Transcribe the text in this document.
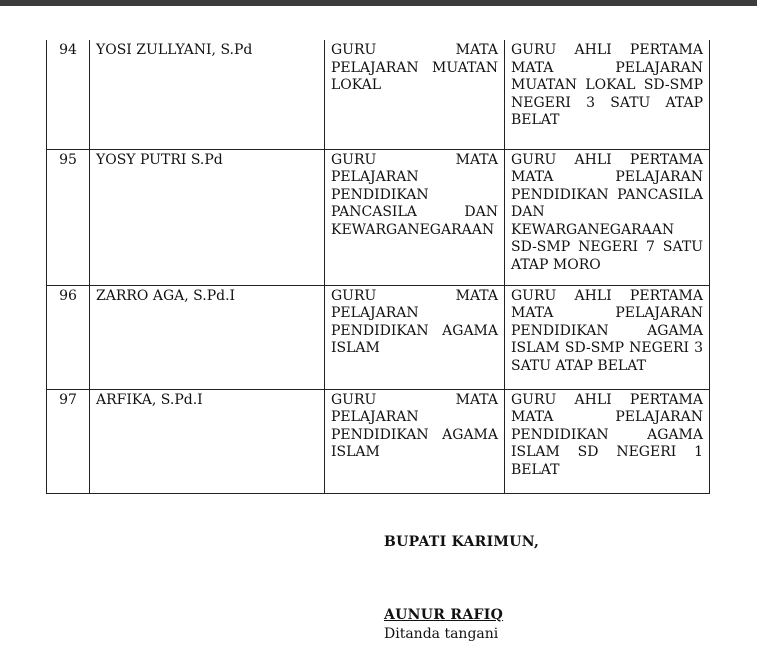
94	YOSI ZULLYANI, S.Pd	GURU MATA PELAJARAN MUATAN LOKAL	GURU AHLI PERTAMA MATA PELAJARAN MUATAN LOKAL SD-SMP NEGERI 3 SATU ATAP BELAT
95	YOSY PUTRI S.Pd	GURU MATA PELAJARAN PENDIDIKAN PANCASILA DAN KEWARGANEGARAAN	GURU AHLI PERTAMA MATA PELAJARAN PENDIDIKAN PANCASILA DAN KEWARGANEGARAAN SD-SMP NEGERI 7 SATU ATAP MORO
96	ZARRO AGA, S.Pd.I	GURU MATA PELAJARAN PENDIDIKAN AGAMA ISLAM	GURU AHLI PERTAMA MATA PELAJARAN PENDIDIKAN AGAMA ISLAM SD-SMP NEGERI 3 SATU ATAP BELAT
97	ARFIKA, S.Pd.I	GURU MATA PELAJARAN PENDIDIKAN AGAMA ISLAM	GURU AHLI PERTAMA MATA PELAJARAN PENDIDIKAN AGAMA ISLAM SD NEGERI 1 BELAT
BUPATI KARIMUN,
AUNUR RAFIQ
Ditanda tangani
